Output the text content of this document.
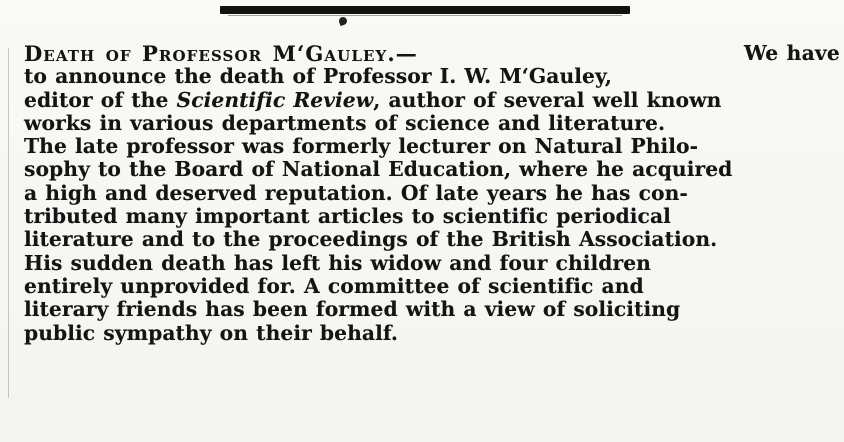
Death of Professor M‘Gauley.—	We have
to announce the death of Professor I. W. M‘Gauley,
editor of the Scientific Review, author of several well known
works in various departments of science and literature.
The late professor was formerly lecturer on Natural Philo-
sophy to the Board of National Education, where he acquired
a high and deserved reputation. Of late years he has con-
tributed many important articles to scientific periodical
literature and to the proceedings of the British Association.
His sudden death has left his widow and four children
entirely unprovided for. A committee of scientific and
literary friends has been formed with a view of soliciting
public sympathy on their behalf.
